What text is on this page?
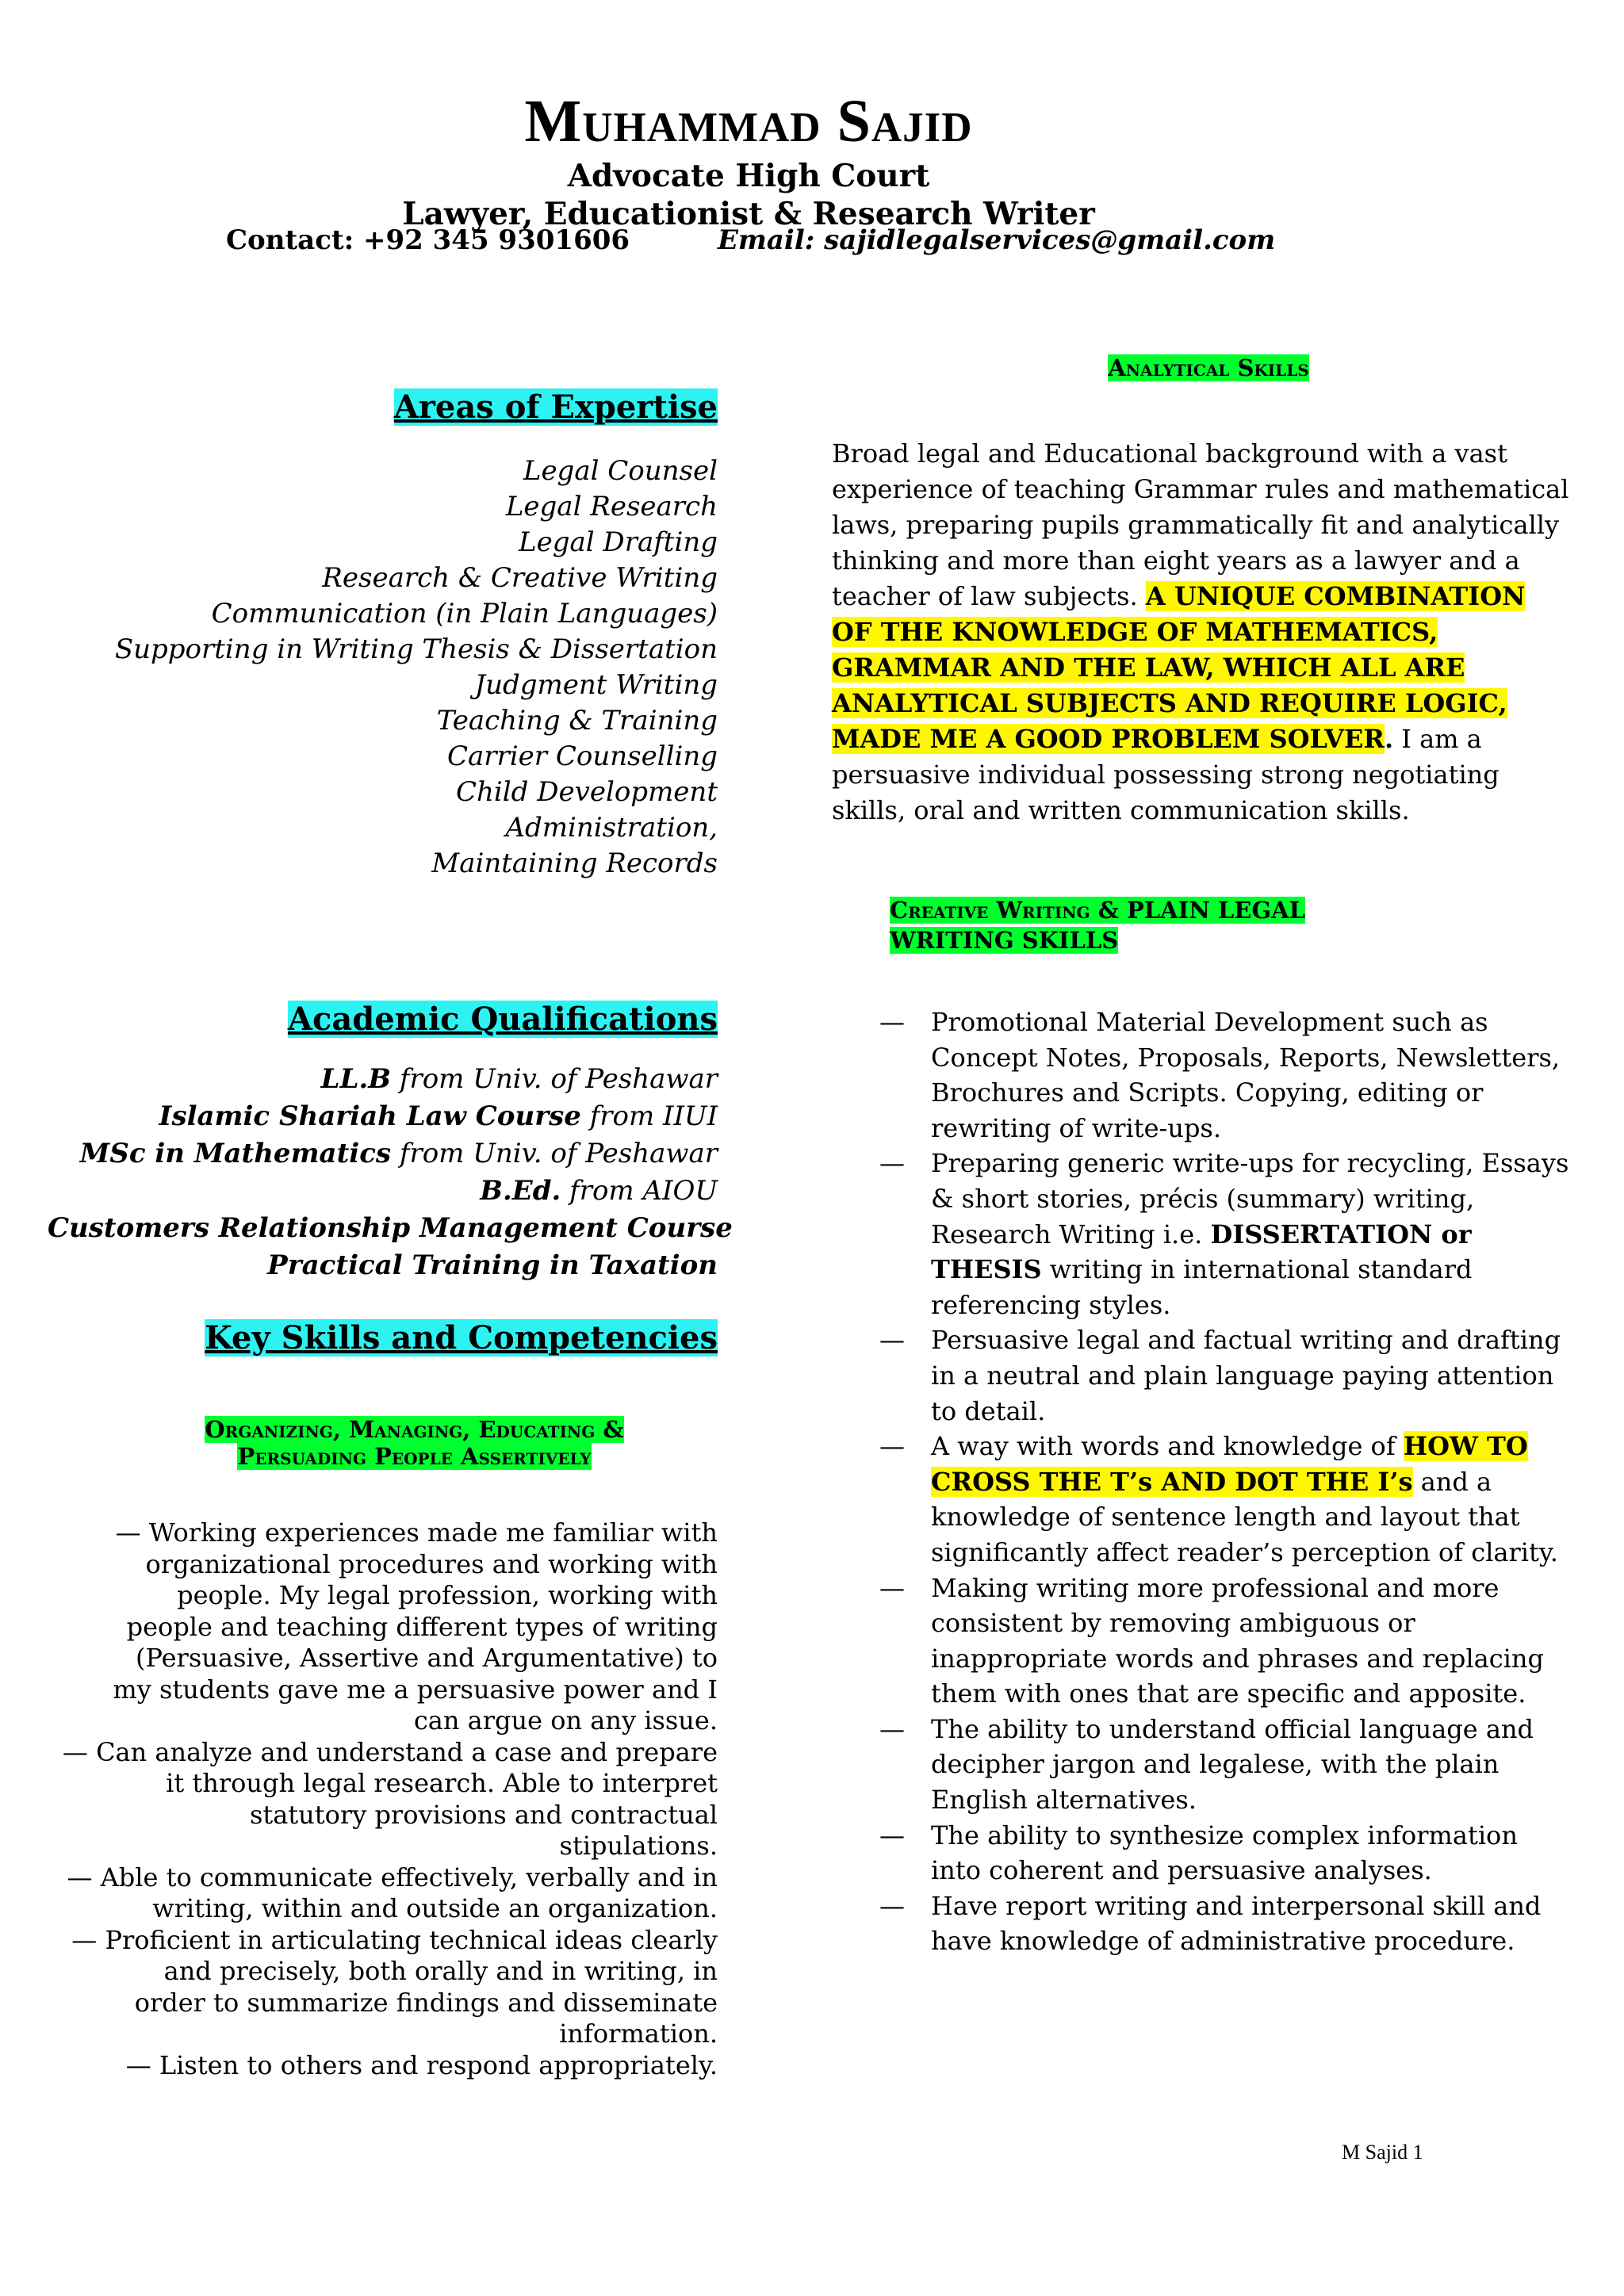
Muhammad Sajid
Advocate High Court
Lawyer, Educationist & Research Writer
Contact: +92 345 9301606	Email: sajidlegalservices@gmail.com
Areas of Expertise
Legal Counsel
Legal Research
Legal Drafting
Research & Creative Writing
Communication (in Plain Languages)
Supporting in Writing Thesis & Dissertation
Judgment Writing
Teaching & Training
Carrier Counselling
Child Development
Administration,
Maintaining Records
Academic Qualifications
LL.B from Univ. of Peshawar
Islamic Shariah Law Course from IIUI
MSc in Mathematics from Univ. of Peshawar
B.Ed. from AIOU
Customers Relationship Management Course
Practical Training in Taxation
Key Skills and Competencies
Organizing, Managing, Educating &
Persuading People Assertively
— Working experiences made me familiar with
organizational procedures and working with
people. My legal profession, working with
people and teaching different types of writing
(Persuasive, Assertive and Argumentative) to
my students gave me a persuasive power and I
can argue on any issue.
— Can analyze and understand a case and prepare
it through legal research. Able to interpret
statutory provisions and contractual
stipulations.
— Able to communicate effectively, verbally and in
writing, within and outside an organization.
— Proficient in articulating technical ideas clearly
and precisely, both orally and in writing, in
order to summarize findings and disseminate
information.
— Listen to others and respond appropriately.
Analytical Skills
Broad legal and Educational background with a vast experience of teaching Grammar rules and mathematical laws, preparing pupils grammatically fit and analytically thinking and more than eight years as a lawyer and a teacher of law subjects. A UNIQUE COMBINATION OF THE KNOWLEDGE OF MATHEMATICS, GRAMMAR AND THE LAW, WHICH ALL ARE ANALYTICAL SUBJECTS AND REQUIRE LOGIC, MADE ME A GOOD PROBLEM SOLVER. I am a persuasive individual possessing strong negotiating skills, oral and written communication skills.
Creative Writing & PLAIN LEGAL
WRITING SKILLS
— Promotional Material Development such as Concept Notes, Proposals, Reports, Newsletters, Brochures and Scripts. Copying, editing or rewriting of write-ups.
— Preparing generic write-ups for recycling, Essays & short stories, précis (summary) writing, Research Writing i.e. DISSERTATION or THESIS writing in international standard referencing styles.
— Persuasive legal and factual writing and drafting in a neutral and plain language paying attention to detail.
— A way with words and knowledge of HOW TO CROSS THE T’s AND DOT THE I’s and a knowledge of sentence length and layout that significantly affect reader’s perception of clarity.
— Making writing more professional and more consistent by removing ambiguous or inappropriate words and phrases and replacing them with ones that are specific and apposite.
— The ability to understand official language and decipher jargon and legalese, with the plain English alternatives.
— The ability to synthesize complex information into coherent and persuasive analyses.
— Have report writing and interpersonal skill and have knowledge of administrative procedure.
M Sajid 1
